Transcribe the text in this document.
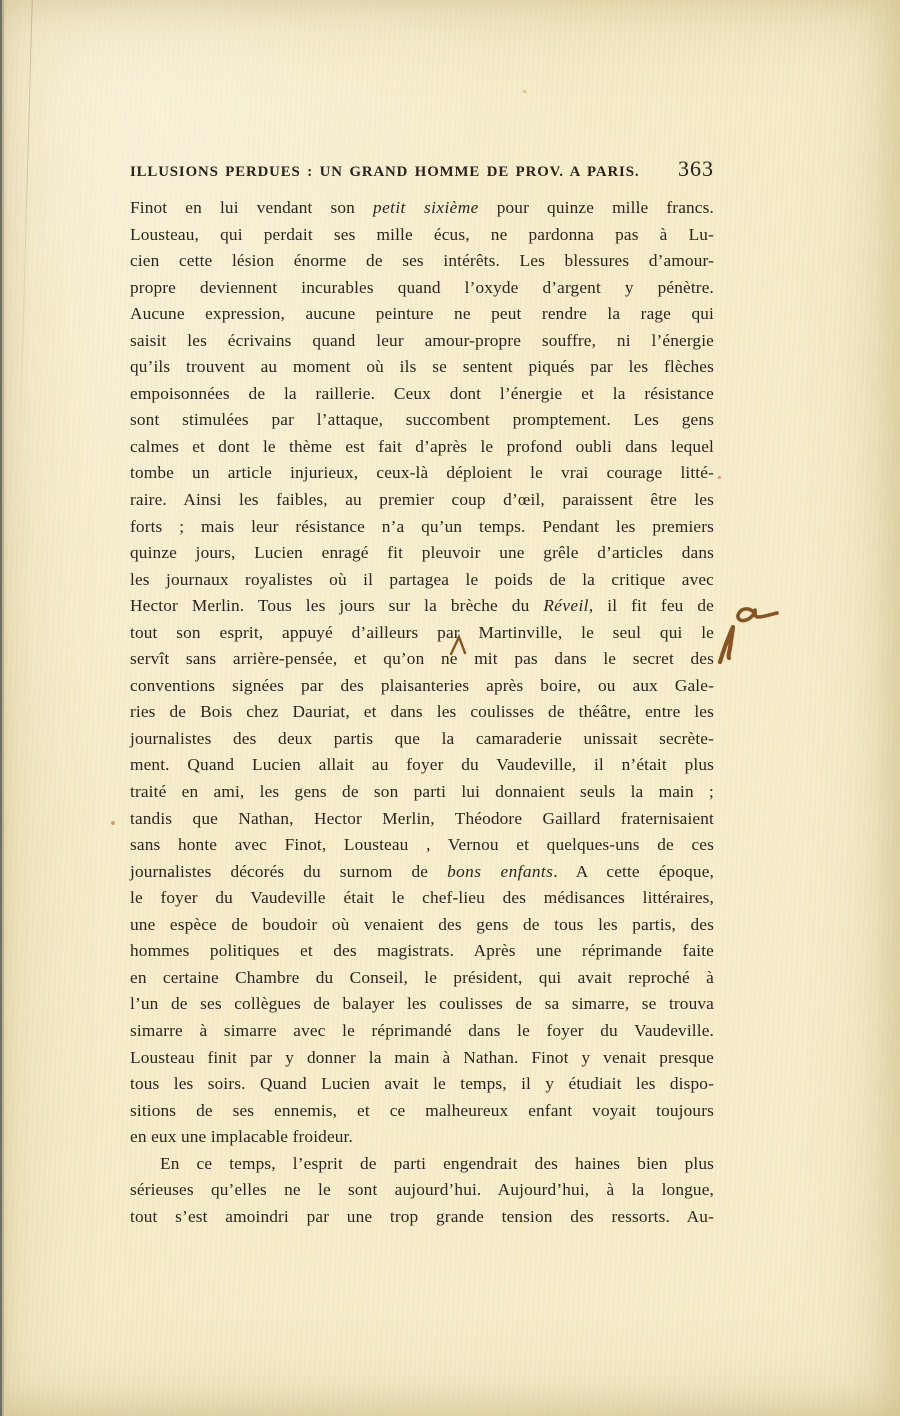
ILLUSIONS PERDUES : UN GRAND HOMME DE PROV. A PARIS. 363
Finot en lui vendant son petit sixième pour quinze mille francs.
Lousteau, qui perdait ses mille écus, ne pardonna pas à Lu-
cien cette lésion énorme de ses intérêts. Les blessures d’amour-
propre deviennent incurables quand l’oxyde d’argent y pénètre.
Aucune expression, aucune peinture ne peut rendre la rage qui
saisit les écrivains quand leur amour-propre souffre, ni l’énergie
qu’ils trouvent au moment où ils se sentent piqués par les flèches
empoisonnées de la raillerie. Ceux dont l’énergie et la résistance
sont stimulées par l’attaque, succombent promptement. Les gens
calmes et dont le thème est fait d’après le profond oubli dans lequel
tombe un article injurieux, ceux-là déploient le vrai courage litté-
raire. Ainsi les faibles, au premier coup d’œil, paraissent être les
forts ; mais leur résistance n’a qu’un temps. Pendant les premiers
quinze jours, Lucien enragé fit pleuvoir une grêle d’articles dans
les journaux royalistes où il partagea le poids de la critique avec
Hector Merlin. Tous les jours sur la brèche du Réveil, il fit feu de
tout son esprit, appuyé d’ailleurs par Martinville, le seul qui le
servît sans arrière-pensée, et qu’on ne mit pas dans le secret des
conventions signées par des plaisanteries après boire, ou aux Gale-
ries de Bois chez Dauriat, et dans les coulisses de théâtre, entre les
journalistes des deux partis que la camaraderie unissait secrète-
ment. Quand Lucien allait au foyer du Vaudeville, il n’était plus
traité en ami, les gens de son parti lui donnaient seuls la main ;
tandis que Nathan, Hector Merlin, Théodore Gaillard fraternisaient
sans honte avec Finot, Lousteau , Vernou et quelques-uns de ces
journalistes décorés du surnom de bons enfants. A cette époque,
le foyer du Vaudeville était le chef-lieu des médisances littéraires,
une espèce de boudoir où venaient des gens de tous les partis, des
hommes politiques et des magistrats. Après une réprimande faite
en certaine Chambre du Conseil, le président, qui avait reproché à
l’un de ses collègues de balayer les coulisses de sa simarre, se trouva
simarre à simarre avec le réprimandé dans le foyer du Vaudeville.
Lousteau finit par y donner la main à Nathan. Finot y venait presque
tous les soirs. Quand Lucien avait le temps, il y étudiait les dispo-
sitions de ses ennemis, et ce malheureux enfant voyait toujours
en eux une implacable froideur.
En ce temps, l’esprit de parti engendrait des haines bien plus
sérieuses qu’elles ne le sont aujourd’hui. Aujourd’hui, à la longue,
tout s’est amoindri par une trop grande tension des ressorts. Au-
